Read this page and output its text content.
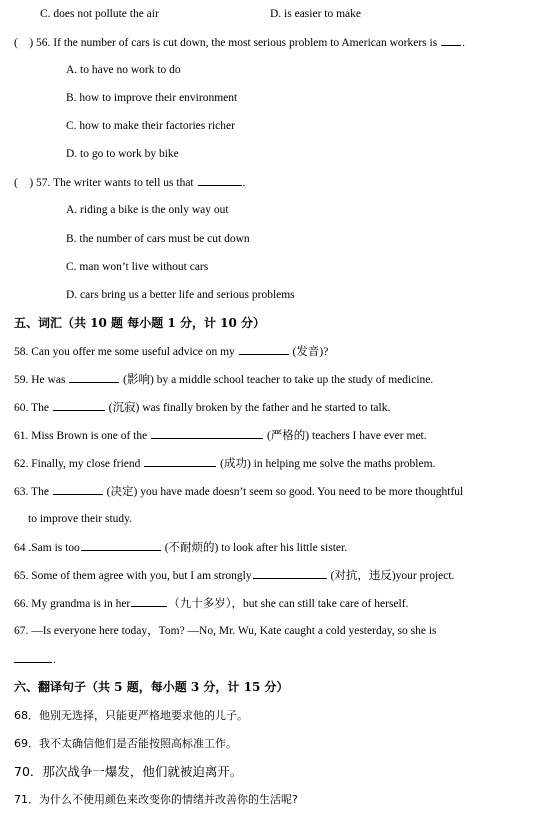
C. does not pollute the air	D. is easier to make
(    ) 56. If the number of cars is cut down, the most serious problem to American workers is .
A. to have no work to do
B. how to improve their environment
C. how to make their factories richer
D. to go to work by bike
(    ) 57. The writer wants to tell us that	.
A. riding a bike is the only way out
B. the number of cars must be cut down
C. man won’t live without cars
D. cars bring us a better life and serious problems
五、词汇（共 10 题 每小题 1 分，计 10 分）
58. Can you offer me some useful advice on my	(发音)?
59. He was	(影响) by a middle school teacher to take up the study of medicine.
60. The	(沉寂) was finally broken by the father and he started to talk.
61. Miss Brown is one of the	(严格的) teachers I have ever met.
62. Finally, my close friend	(成功) in helping me solve the maths problem.
63. The	(决定) you have made doesn’t seem so good. You need to be more thoughtful
to improve their study.
64 .Sam is too	(不耐烦的) to look after his little sister.
65. Some of them agree with you, but I am strongly	(对抗，违反)your project.
66. My grandma is in her	（九十多岁），but she can still take care of herself.
67. —Is everyone here today，Tom? —No, Mr. Wu, Kate caught a cold yesterday, so she is
.
六、翻译句子（共 5 题，每小题 3 分，计 15 分）
68．他别无选择，只能更严格地要求他的儿子。
69．我不太确信他们是否能按照高标准工作。
70．那次战争一爆发，他们就被迫离开。
71．为什么不使用颜色来改变你的情绪并改善你的生活呢?
